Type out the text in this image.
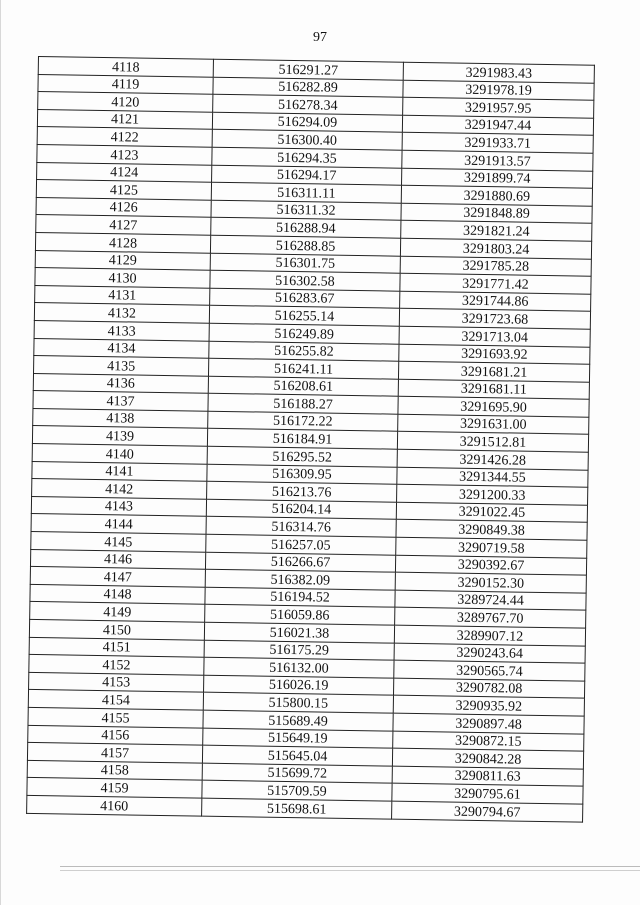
97
4118	516291.27	3291983.43
4119	516282.89	3291978.19
4120	516278.34	3291957.95
4121	516294.09	3291947.44
4122	516300.40	3291933.71
4123	516294.35	3291913.57
4124	516294.17	3291899.74
4125	516311.11	3291880.69
4126	516311.32	3291848.89
4127	516288.94	3291821.24
4128	516288.85	3291803.24
4129	516301.75	3291785.28
4130	516302.58	3291771.42
4131	516283.67	3291744.86
4132	516255.14	3291723.68
4133	516249.89	3291713.04
4134	516255.82	3291693.92
4135	516241.11	3291681.21
4136	516208.61	3291681.11
4137	516188.27	3291695.90
4138	516172.22	3291631.00
4139	516184.91	3291512.81
4140	516295.52	3291426.28
4141	516309.95	3291344.55
4142	516213.76	3291200.33
4143	516204.14	3291022.45
4144	516314.76	3290849.38
4145	516257.05	3290719.58
4146	516266.67	3290392.67
4147	516382.09	3290152.30
4148	516194.52	3289724.44
4149	516059.86	3289767.70
4150	516021.38	3289907.12
4151	516175.29	3290243.64
4152	516132.00	3290565.74
4153	516026.19	3290782.08
4154	515800.15	3290935.92
4155	515689.49	3290897.48
4156	515649.19	3290872.15
4157	515645.04	3290842.28
4158	515699.72	3290811.63
4159	515709.59	3290795.61
4160	515698.61	3290794.67
